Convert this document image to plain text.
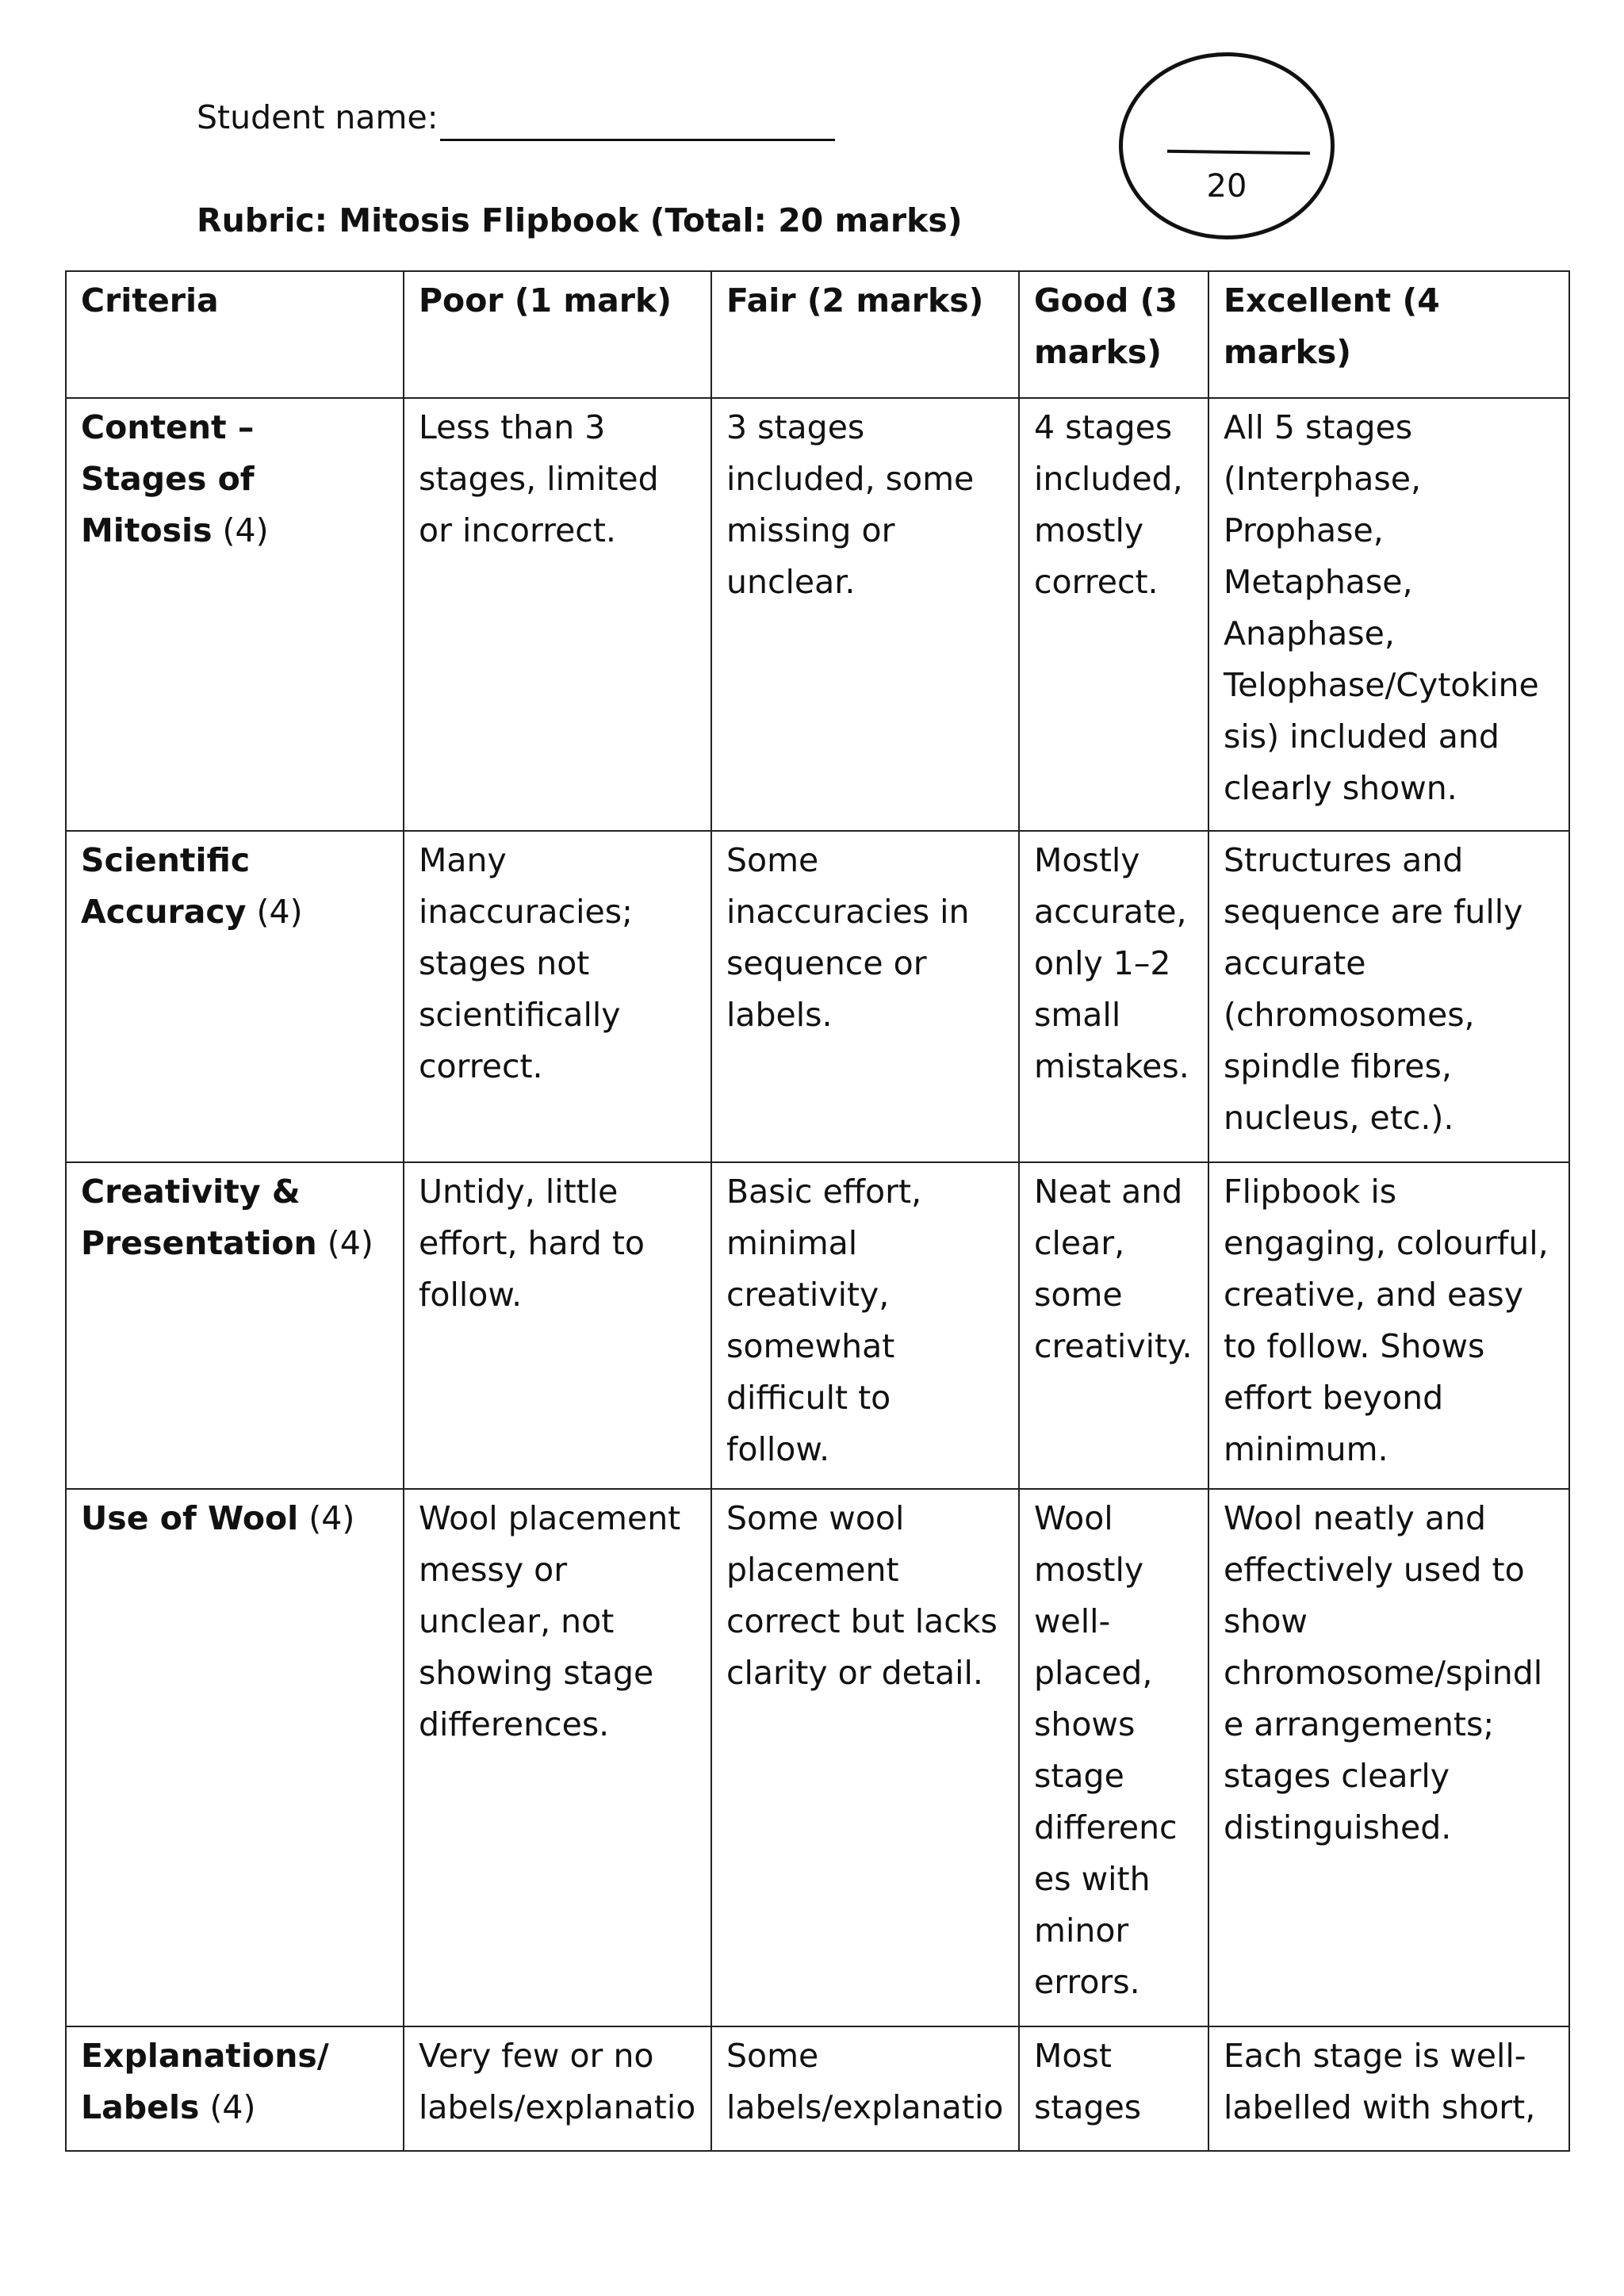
Student name:
Rubric: Mitosis Flipbook (Total: 20 marks)
20
Criteria	Poor (1 mark)	Fair (2 marks)	Good (3 marks)	Excellent (4 marks)
Content – Stages of Mitosis (4)	Less than 3 stages, limited or incorrect.	3 stages included, some missing or unclear.	4 stages included, mostly correct.	All 5 stages (Interphase, Prophase, Metaphase, Anaphase, Telophase/Cytokinesis) included and clearly shown.
Scientific Accuracy (4)	Many inaccuracies; stages not scientifically correct.	Some inaccuracies in sequence or labels.	Mostly accurate, only 1–2 small mistakes.	Structures and sequence are fully accurate (chromosomes, spindle fibres, nucleus, etc.).
Creativity & Presentation (4)	Untidy, little effort, hard to follow.	Basic effort, minimal creativity, somewhat difficult to follow.	Neat and clear, some creativity.	Flipbook is engaging, colourful, creative, and easy to follow. Shows effort beyond minimum.
Use of Wool (4)	Wool placement messy or unclear, not showing stage differences.	Some wool placement correct but lacks clarity or detail.	Wool mostly well-placed, shows stage differences with minor errors.	Wool neatly and effectively used to show chromosome/spindle arrangements; stages clearly distinguished.
Explanations/ Labels (4)	Very few or no labels/explanatio	Some labels/explanatio	Most stages	Each stage is well-labelled with short,
